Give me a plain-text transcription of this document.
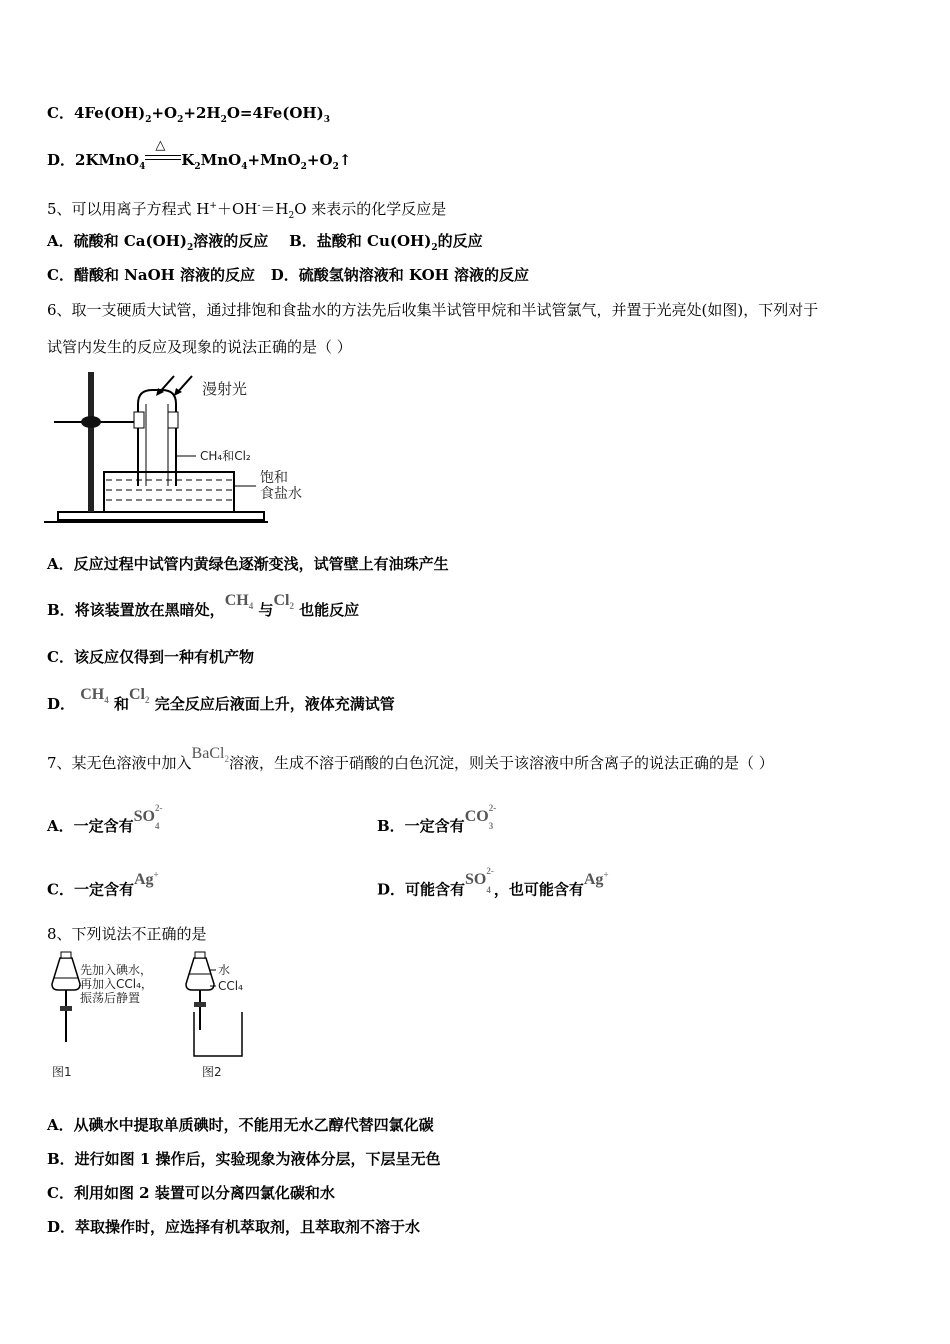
C．$4Fe(OH)_2+O_2+2H_2O=4Fe(OH)_3$
D．2KMnO$_4$
△
$K_2MnO_4+MnO_2+O_2↑$
5、可以用离子方程式 $H^++OH^-=H_2O$ 来表示的化学反应是
A．硫酸和 $Ca(OH)_2$溶液的反应 B．盐酸和 $Cu(OH)_2$的反应
C．醋酸和 NaOH 溶液的反应 D．硫酸氢钠溶液和 KOH 溶液的反应
6、取一支硬质大试管，通过排饱和食盐水的方法先后收集半试管甲烷和半试管氯气，并置于光亮处(如图)，下列对于
试管内发生的反应及现象的说法正确的是（ ）
漫射光
CH₄和Cl₂
饱和
食盐水
A．反应过程中试管内黄绿色逐渐变浅，试管壁上有油珠产生
B．将该装置放在黑暗处，$CH_4$ 与$Cl_2$ 也能反应
C．该反应仅得到一种有机产物
D． $CH_4$ 和$Cl_2$ 完全反应后液面上升，液体充满试管
7、某无色溶液中加入BaCl$_2$溶液，生成不溶于硝酸的白色沉淀，则关于该溶液中所含离子的说法正确的是（ ）
A．一定含有$SO^{2-}$
$_4$	B．一定含有$CO^{2-}$
$_3$
C．一定含有Ag+
D．可能含有$SO^{2-}$
$_4$ ，也可能含有Ag+
8、下列说法不正确的是
先加入碘水，
再加入CCl₄，
振荡后静置
图1
水
CCl₄
图2
A．从碘水中提取单质碘时，不能用无水乙醇代替四氯化碳
B．进行如图 1 操作后，实验现象为液体分层，下层呈无色
C．利用如图 2 装置可以分离四氯化碳和水
D．萃取操作时，应选择有机萃取剂，且萃取剂不溶于水
